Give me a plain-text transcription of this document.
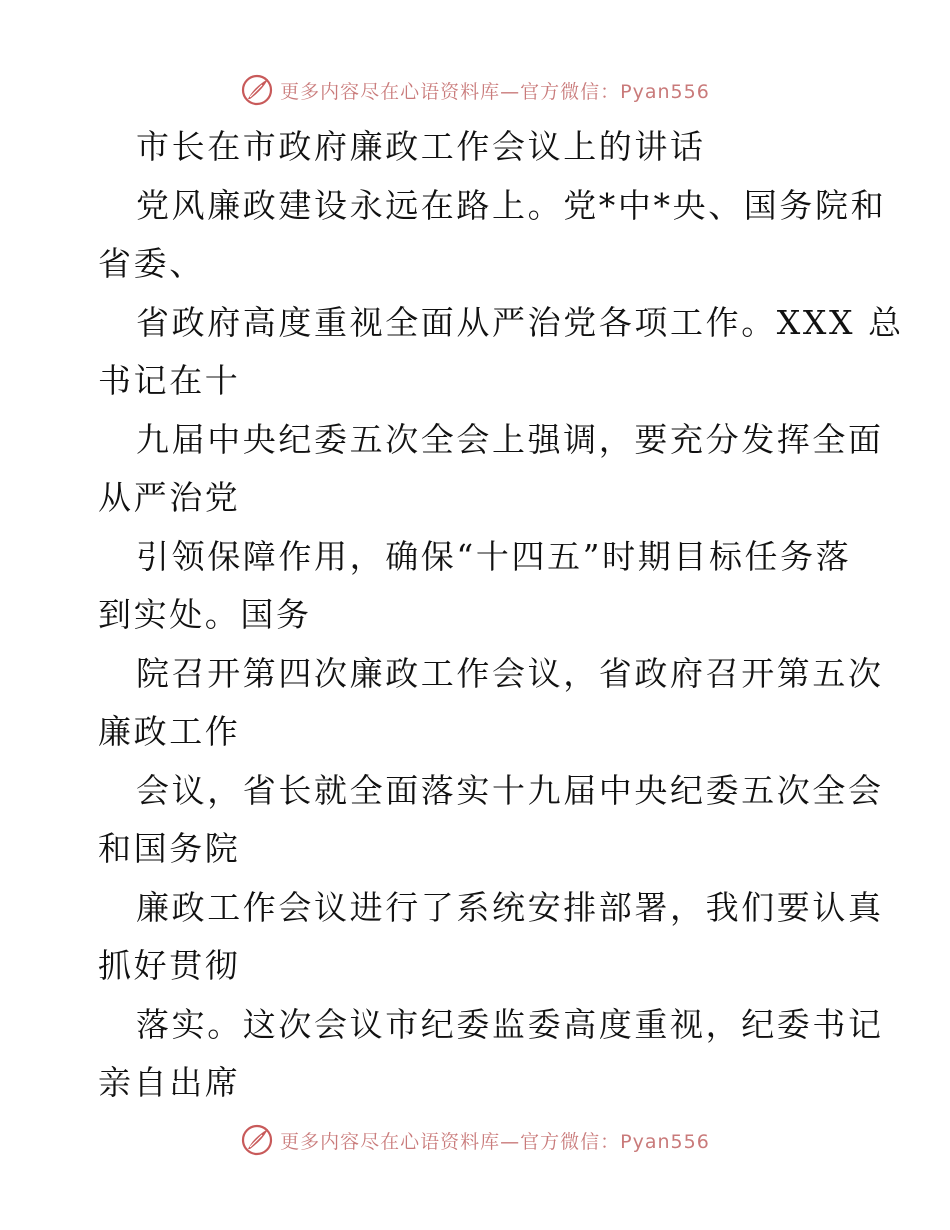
更多内容尽在心语资料库—官方微信：Pyan556
市长在市政府廉政工作会议上的讲话
党风廉政建设永远在路上。党*中*央、国务院和
省委、
省政府高度重视全面从严治党各项工作。XXX 总
书记在十
九届中央纪委五次全会上强调，要充分发挥全面
从严治党
引领保障作用，确保“十四五”时期目标任务落
到实处。国务
院召开第四次廉政工作会议，省政府召开第五次
廉政工作
会议，省长就全面落实十九届中央纪委五次全会
和国务院
廉政工作会议进行了系统安排部署，我们要认真
抓好贯彻
落实。这次会议市纪委监委高度重视，纪委书记
亲自出席
更多内容尽在心语资料库—官方微信：Pyan556
